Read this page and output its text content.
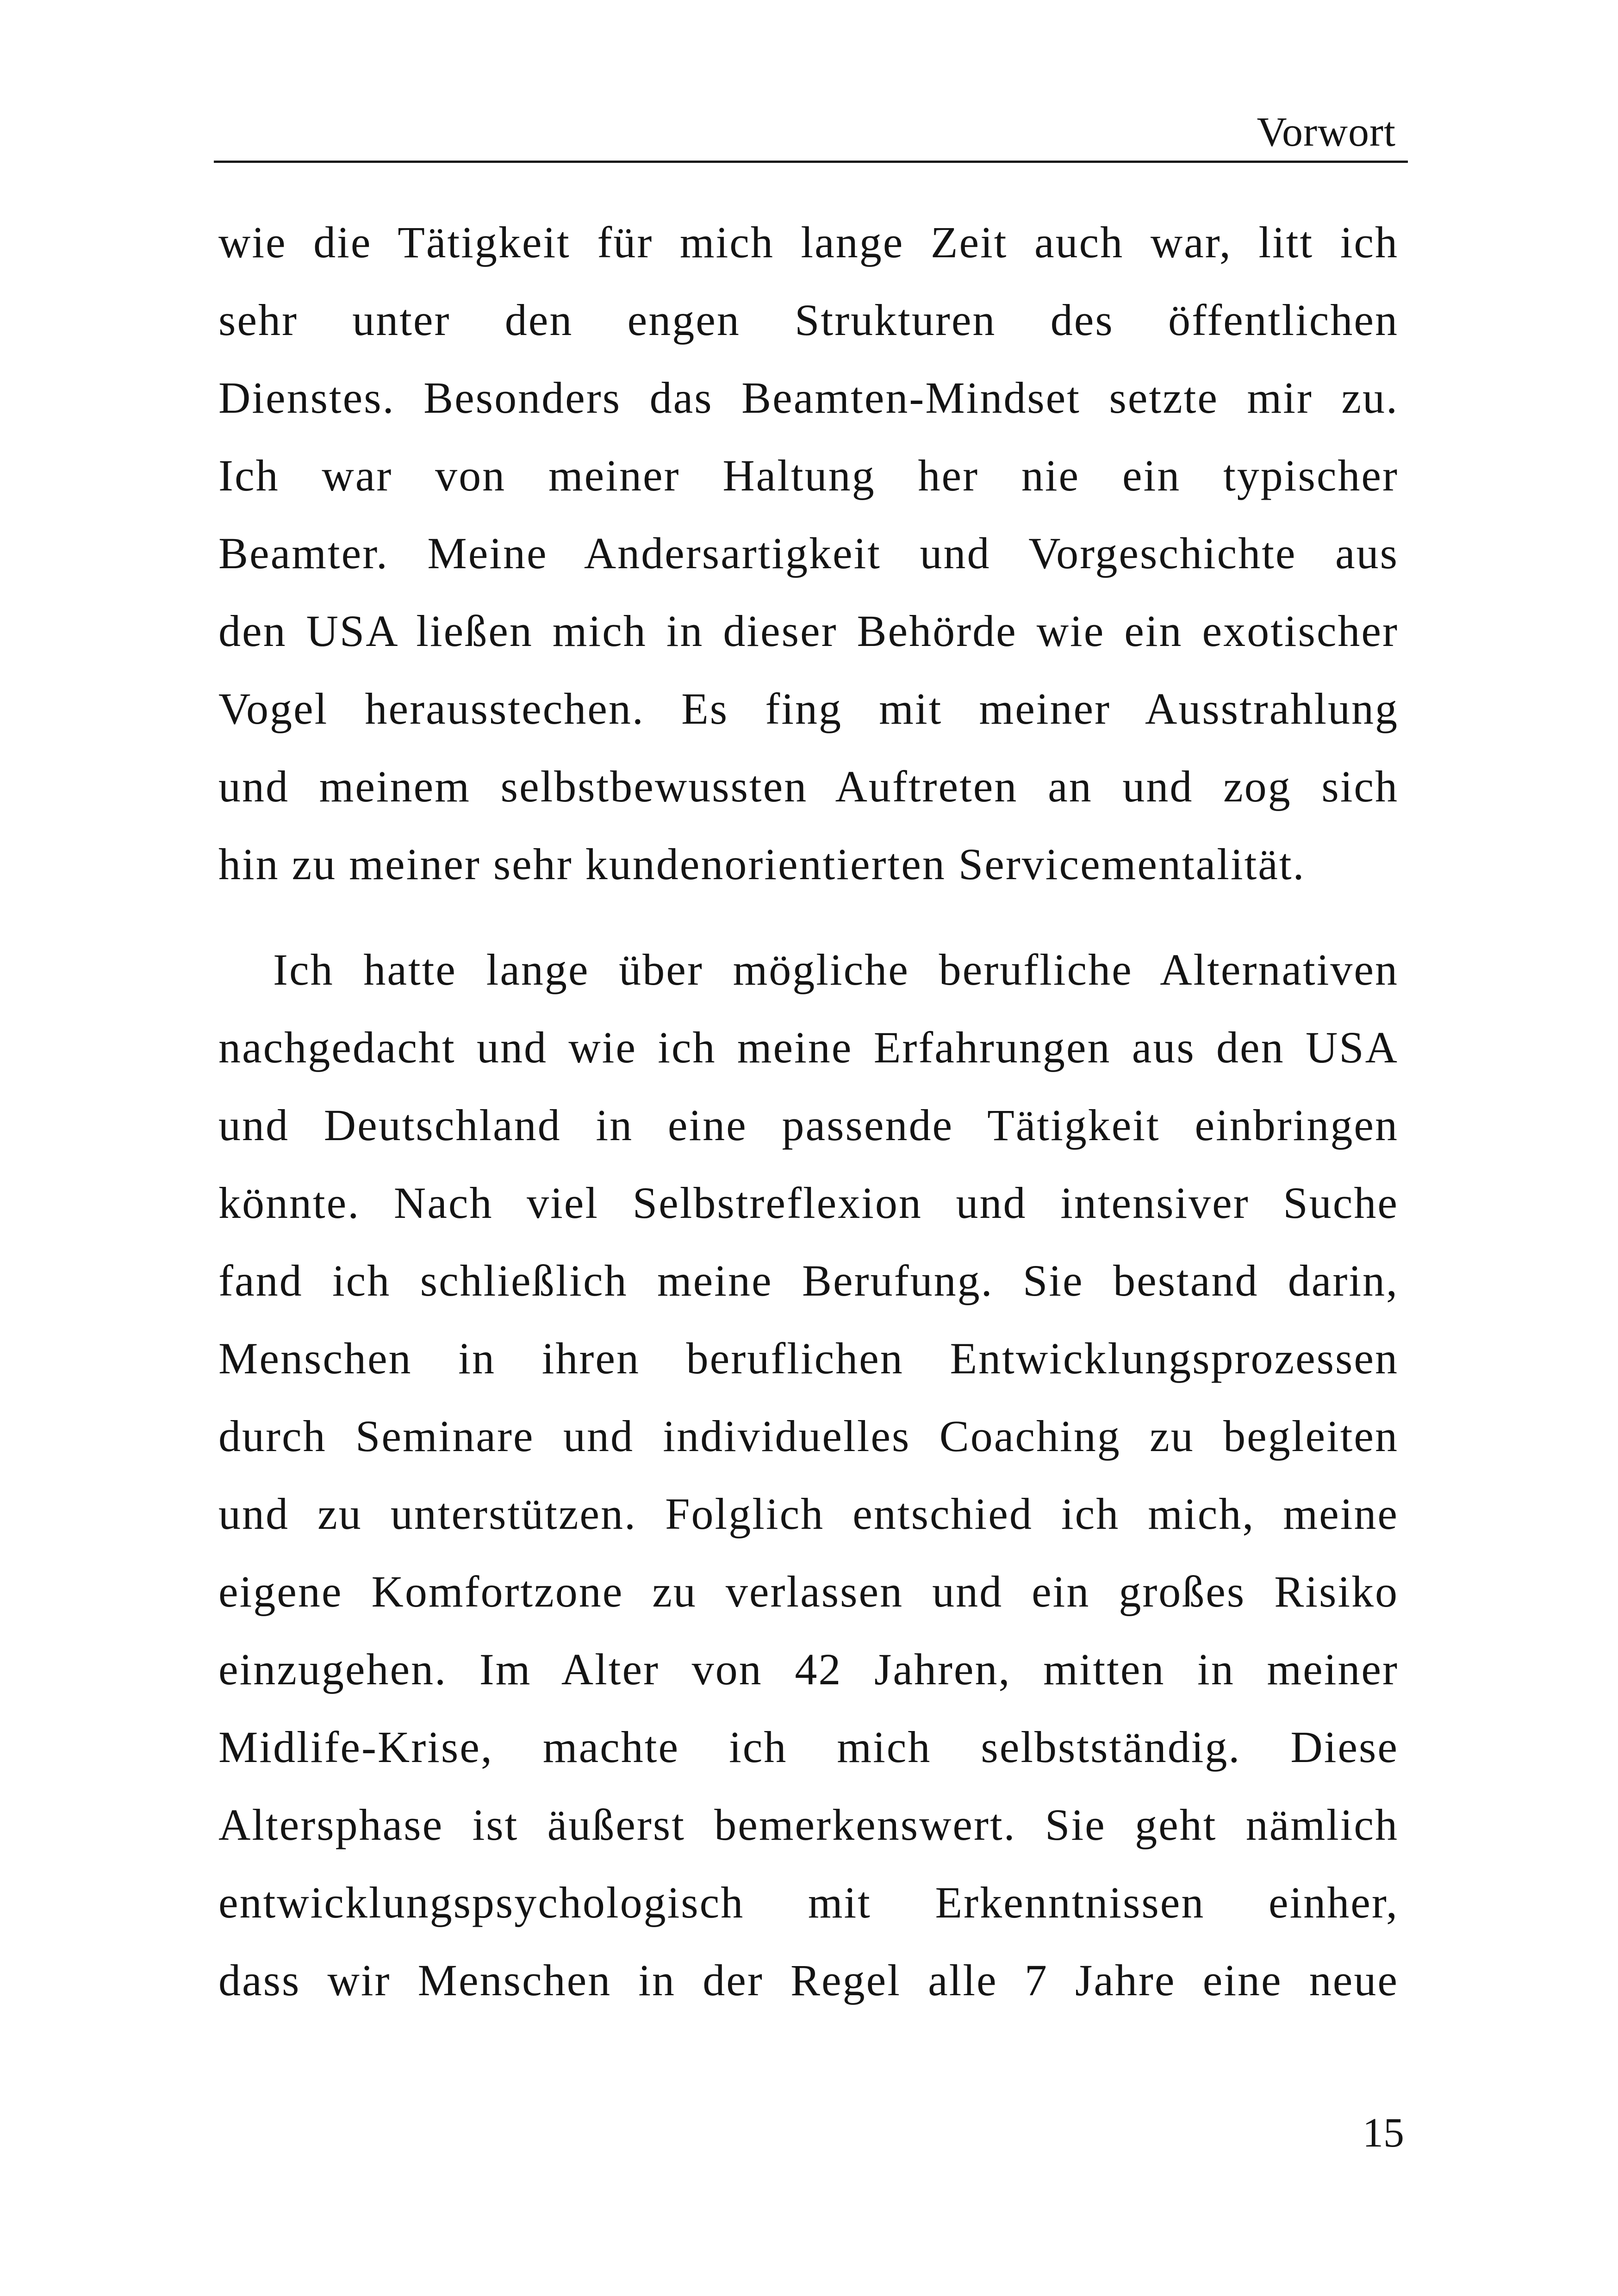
Vorwort

wie die Tätigkeit für mich lange Zeit auch war, litt ich
sehr unter den engen Strukturen des öffentlichen
Dienstes. Besonders das Beamten-Mindset setzte mir zu.
Ich war von meiner Haltung her nie ein typischer
Beamter. Meine Andersartigkeit und Vorgeschichte aus
den USA ließen mich in dieser Behörde wie ein exotischer
Vogel herausstechen. Es fing mit meiner Ausstrahlung
und meinem selbstbewussten Auftreten an und zog sich
hin zu meiner sehr kundenorientierten Servicementalität.

Ich hatte lange über mögliche berufliche Alternativen
nachgedacht und wie ich meine Erfahrungen aus den USA
und Deutschland in eine passende Tätigkeit einbringen
könnte. Nach viel Selbstreflexion und intensiver Suche
fand ich schließlich meine Berufung. Sie bestand darin,
Menschen in ihren beruflichen Entwicklungsprozessen
durch Seminare und individuelles Coaching zu begleiten
und zu unterstützen. Folglich entschied ich mich, meine
eigene Komfortzone zu verlassen und ein großes Risiko
einzugehen. Im Alter von 42 Jahren, mitten in meiner
Midlife-Krise, machte ich mich selbstständig. Diese
Altersphase ist äußerst bemerkenswert. Sie geht nämlich
entwicklungspsychologisch mit Erkenntnissen einher,
dass wir Menschen in der Regel alle 7 Jahre eine neue

15
